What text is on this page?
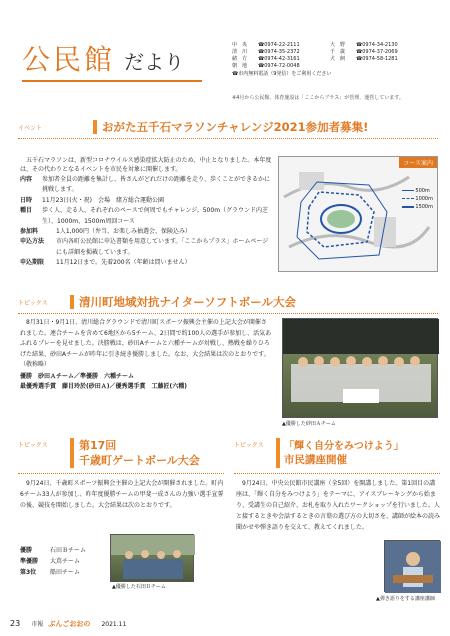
公民館 だより
中　央 ☎0974-22-2111	大　野 ☎0974-34-2130
清　川 ☎0974-35-2372	千　歳 ☎0974-37-2069
緒　方 ☎0974-42-3161	犬　飼 ☎0974-58-1281
朝　地 ☎0974-72-0048
☎市内無料電話（9発信）をご利用ください
※4月から公民館、体育施設は「ここからプラス」が管理、運営しています。
イベント	おがた五千石マラソンチャレンジ2021参加者募集!
五千石マラソンは、新型コロナウイルス感染症拡大防止のため、中止となりました。本年度は、その代わりとなるイベントを市民を対象に開催します。
内容	参加者全員の距離を集計し、皆さんがどれだけの距離を走り、歩くことができるかに挑戦します。
日時	11月23日(火・祝)　会場　緒方総合運動公園
種目	歩く人、走る人、それぞれのペースで何周でもチャレンジ。500m（グラウンド内芝生）、1000m、1500m周回コース
参加料	1人1,000円（弁当、お楽しみ抽選会、保険込み）
申込方法	市内各町公民館に申込書類を用意しています。「ここからプラス」ホームページにも詳細を掲載しています。
申込期限	11月12日まで。先着200名（年齢は問いません）
コース案内
500m
1000m
1500m
トピックス	清川町地域対抗ナイターソフトボール大会
8月31日・9月1日、清川総合グラウンドで清川町スポーツ振興会主催の上記大会が開催されました。連合チームを含めて6地区から5チーム、2日間で約100人の選手が参加し、活気あふれるプレーを見せました。決勝戦は、砂田Aチームと六種チームが対戦し、熱戦を繰りひろげた結果、砂田Aチームが昨年に引き続き優勝しました。なお、大会結果は次のとおりです。（敬称略）
優勝　砂田Ａチーム／準優勝　六種チーム
最優秀選手賞　藤目玲於(砂田Ａ)／優秀選手賞　工藤匠(六種)
▲優勝した砂田Ａチーム
トピックス	第17回
千歳町ゲートボール大会
9月24日、千歳町スポーツ振興会主催の上記大会が開催されました。町内6チーム33人が参加し、昨年度優勝チームの甲斐一成さんの力強い選手宣誓の後、競技を開始しました。大会結果は次のとおりです。
優勝	石田Ｂチーム
準優勝	大蔦チーム
第3位	船田チーム
▲優勝した石田Ｂチーム
トピックス 「輝く自分をみつけよう」
市民講座開催
9月24日、中央公民館市民講座（全5回）を開講しました。第1回目の講座は、「輝く自分をみつけよう」をテーマに、アイスブレーキングから始まり、受講生の自己紹介、お札を取り入れたワークショップを行いました。人と接するときや会話するときの言葉の選び方の大切さを、講師が絵本の読み聞かせや弾き語りを交えて、教えてくれました。
▲弾き語りをする講座講師
23 市報 ぶんごおおの 2021.11
